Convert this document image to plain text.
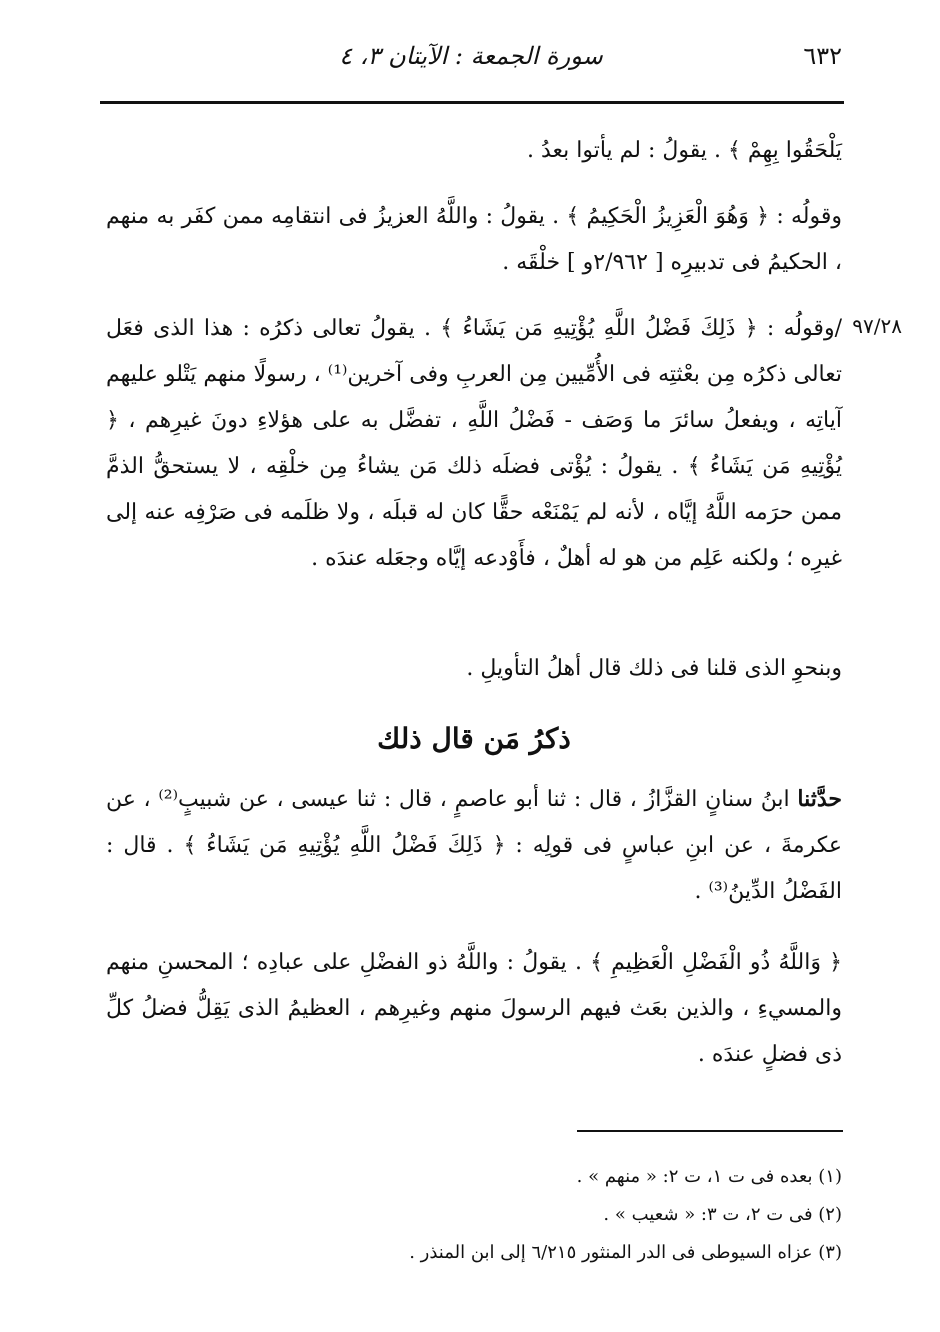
٦٣٢
سورة الجمعة : الآيتان ٣، ٤
يَلْحَقُوا بِهِمْ ﴾ . يقولُ : لم يأتوا بعدُ .
وقولُه : ﴿ وَهُوَ الْعَزِيزُ الْحَكِيمُ ﴾ . يقولُ : واللَّهُ العزيزُ فى انتقامِه ممن كفَر به منهم ، الحكيمُ فى تدبيرِه [ ٢/٩٦٢و ] خلْقَه .
٩٧/٢٨
/وقولُه : ﴿ ذَلِكَ فَضْلُ اللَّهِ يُؤْتِيهِ مَن يَشَاءُ ﴾ . يقولُ تعالى ذكرُه : هذا الذى فعَل تعالى ذكرُه مِن بعْثتِه فى الأُمِّيين مِن العربِ وفى آخرين⁽¹⁾ ، رسولًا منهم يَتْلو عليهم آياتِه ، ويفعلُ سائرَ ما وَصَف - فَضْلُ اللَّهِ ، تفضَّل به على هؤلاءِ دونَ غيرِهم ، ﴿ يُؤْتِيهِ مَن يَشَاءُ ﴾ . يقولُ : يُؤْتى فضلَه ذلك مَن يشاءُ مِن خلْقِه ، لا يستحقُّ الذمَّ ممن حرَمه اللَّهُ إيَّاه ، لأنه لم يَمْنَعْه حقًّا كان له قبلَه ، ولا ظلَمه فى صَرْفِه عنه إلى غيرِه ؛ ولكنه عَلِم من هو له أهلٌ ، فأَوْدعه إيَّاه وجعَله عندَه .
وبنحوِ الذى قلنا فى ذلك قال أهلُ التأويلِ .
ذكرُ مَن قال ذلك
حدَّثنا ابنُ سنانٍ القزَّازُ ، قال : ثنا أبو عاصمٍ ، قال : ثنا عيسى ، عن شبيبٍ⁽²⁾ ، عن عكرمةَ ، عن ابنِ عباسٍ فى قولِه : ﴿ ذَلِكَ فَضْلُ اللَّهِ يُؤْتِيهِ مَن يَشَاءُ ﴾ . قال : الفَضْلُ الدِّينُ⁽³⁾ .
﴿ وَاللَّهُ ذُو الْفَضْلِ الْعَظِيمِ ﴾ . يقولُ : واللَّهُ ذو الفضْلِ على عبادِه ؛ المحسنِ منهم والمسيءِ ، والذين بعَث فيهم الرسولَ منهم وغيرِهم ، العظيمُ الذى يَقِلُّ فضلُ كلِّ ذى فضلٍ عندَه .
(١) بعده فى ت ١، ت ٢: « منهم » .
(٢) فى ت ٢، ت ٣: « شعيب » .
(٣) عزاه السيوطى فى الدر المنثور ٦/٢١٥ إلى ابن المنذر .
